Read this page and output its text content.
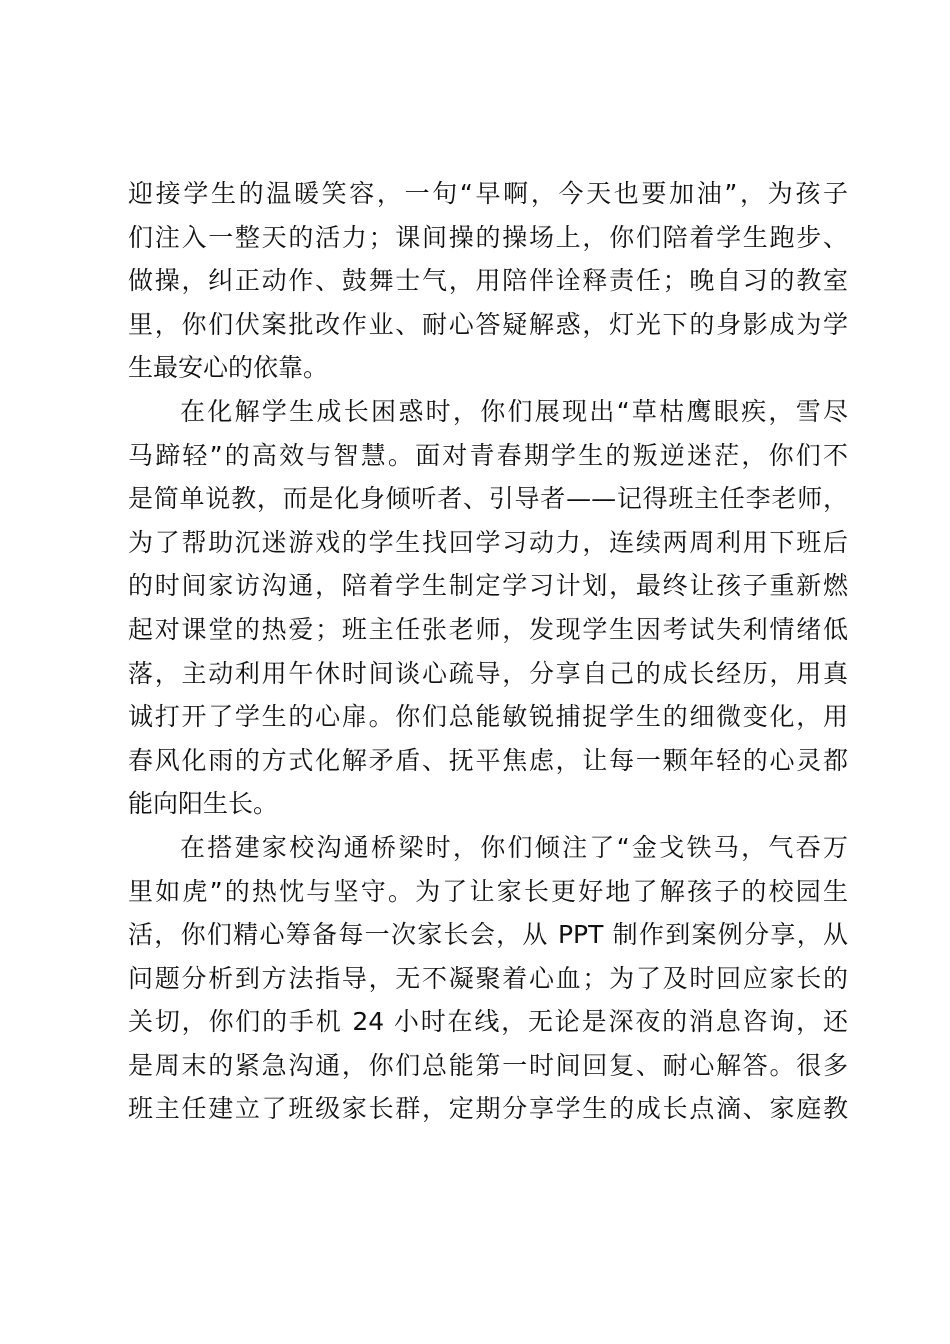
迎接学生的温暖笑容，一句“早啊，今天也要加油”，为孩子
们注入一整天的活力；课间操的操场上，你们陪着学生跑步、
做操，纠正动作、鼓舞士气，用陪伴诠释责任；晚自习的教室
里，你们伏案批改作业、耐心答疑解惑，灯光下的身影成为学
生最安心的依靠。
在化解学生成长困惑时，你们展现出“草枯鹰眼疾，雪尽
马蹄轻”的高效与智慧。面对青春期学生的叛逆迷茫，你们不
是简单说教，而是化身倾听者、引导者——记得班主任李老师，
为了帮助沉迷游戏的学生找回学习动力，连续两周利用下班后
的时间家访沟通，陪着学生制定学习计划，最终让孩子重新燃
起对课堂的热爱；班主任张老师，发现学生因考试失利情绪低
落，主动利用午休时间谈心疏导，分享自己的成长经历，用真
诚打开了学生的心扉。你们总能敏锐捕捉学生的细微变化，用
春风化雨的方式化解矛盾、抚平焦虑，让每一颗年轻的心灵都
能向阳生长。
在搭建家校沟通桥梁时，你们倾注了“金戈铁马，气吞万
里如虎”的热忱与坚守。为了让家长更好地了解孩子的校园生
活，你们精心筹备每一次家长会，从 PPT 制作到案例分享，从
问题分析到方法指导，无不凝聚着心血；为了及时回应家长的
关切，你们的手机 24 小时在线，无论是深夜的消息咨询，还
是周末的紧急沟通，你们总能第一时间回复、耐心解答。很多
班主任建立了班级家长群，定期分享学生的成长点滴、家庭教
